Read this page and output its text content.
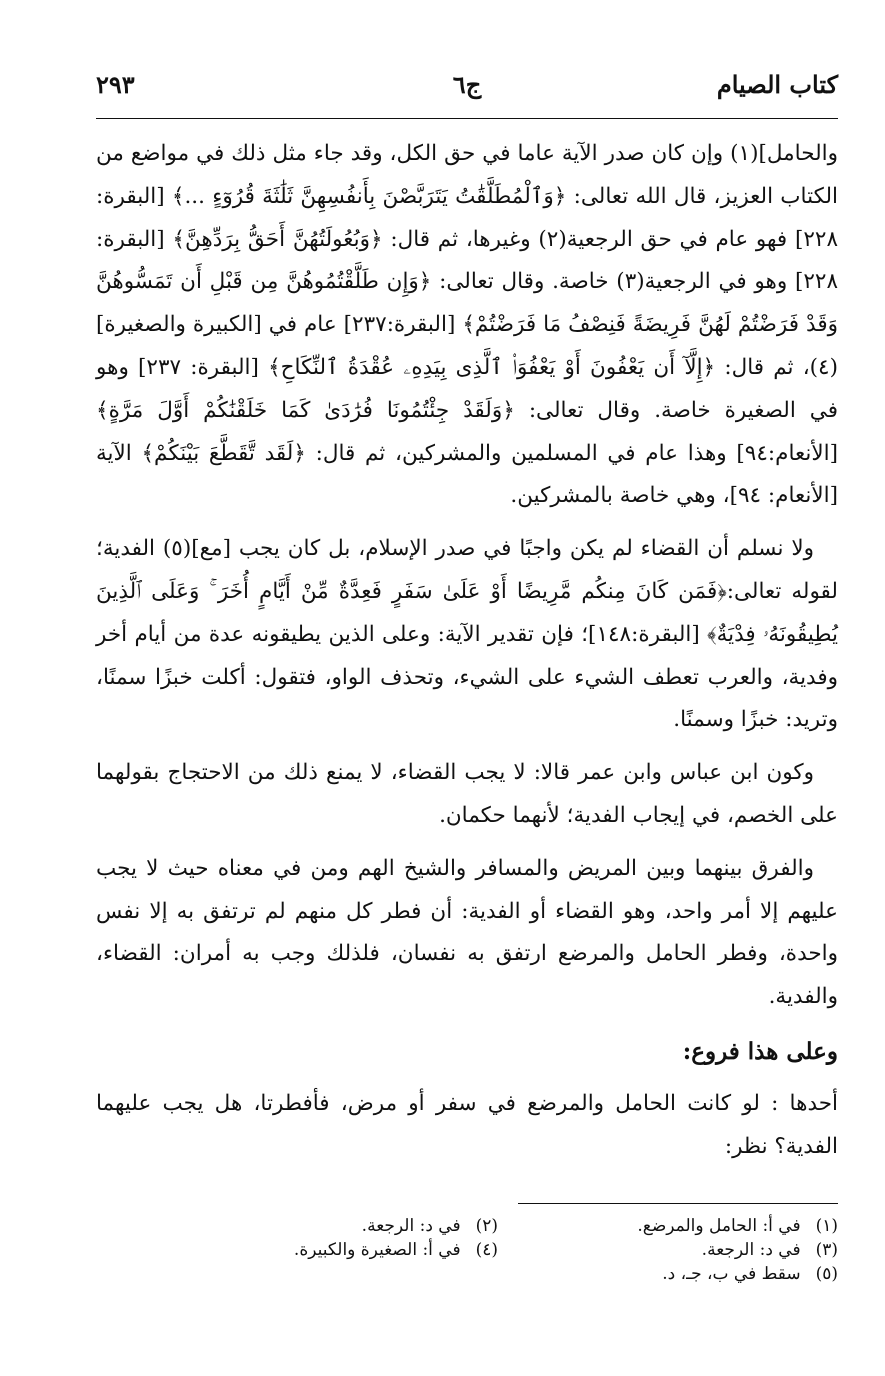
كتاب الصيام
ج٦
٢٩٣

والحامل](١) وإن كان صدر الآية عاما في حق الكل، وقد جاء مثل ذلك في مواضع من الكتاب العزيز، قال الله تعالى: ﴿وَٱلْمُطَلَّقَٰتُ يَتَرَبَّصْنَ بِأَنفُسِهِنَّ ثَلَٰثَةَ قُرُوٓءٍ ...﴾ [البقرة: ٢٢٨] فهو عام في حق الرجعية(٢) وغيرها، ثم قال: ﴿وَبُعُولَتُهُنَّ أَحَقُّ بِرَدِّهِنَّ﴾ [البقرة: ٢٢٨] وهو في الرجعية(٣) خاصة. وقال تعالى: ﴿وَإِن طَلَّقْتُمُوهُنَّ مِن قَبْلِ أَن تَمَسُّوهُنَّ وَقَدْ فَرَضْتُمْ لَهُنَّ فَرِيضَةً فَنِصْفُ مَا فَرَضْتُمْ﴾ [البقرة:٢٣٧] عام في [الكبيرة والصغيرة](٤)، ثم قال: ﴿إِلَّآ أَن يَعْفُونَ أَوْ يَعْفُوَا۟ ٱلَّذِى بِيَدِهِۦ عُقْدَةُ ٱلنِّكَاحِ﴾ [البقرة: ٢٣٧] وهو في الصغيرة خاصة. وقال تعالى: ﴿وَلَقَدْ جِئْتُمُونَا فُرَٰدَىٰ كَمَا خَلَقْنَٰكُمْ أَوَّلَ مَرَّةٍ﴾ [الأنعام:٩٤] وهذا عام في المسلمين والمشركين، ثم قال: ﴿لَقَد تَّقَطَّعَ بَيْنَكُمْ﴾ الآية [الأنعام: ٩٤]، وهي خاصة بالمشركين.

ولا نسلم أن القضاء لم يكن واجبًا في صدر الإسلام، بل كان يجب [مع](٥) الفدية؛ لقوله تعالى:﴿فَمَن كَانَ مِنكُم مَّرِيضًا أَوْ عَلَىٰ سَفَرٍ فَعِدَّةٌ مِّنْ أَيَّامٍ أُخَرَ ۚ وَعَلَى ٱلَّذِينَ يُطِيقُونَهُۥ فِدْيَةٌ﴾ [البقرة:١٤٨]؛ فإن تقدير الآية: وعلى الذين يطيقونه عدة من أيام أخر وفدية، والعرب تعطف الشيء على الشيء، وتحذف الواو، فتقول: أكلت خبزًا سمنًا، وتريد: خبزًا وسمنًا.

وكون ابن عباس وابن عمر قالا: لا يجب القضاء، لا يمنع ذلك من الاحتجاج بقولهما على الخصم، في إيجاب الفدية؛ لأنهما حكمان.

والفرق بينهما وبين المريض والمسافر والشيخ الهم ومن في معناه حيث لا يجب عليهم إلا أمر واحد، وهو القضاء أو الفدية: أن فطر كل منهم لم ترتفق به إلا نفس واحدة، وفطر الحامل والمرضع ارتفق به نفسان، فلذلك وجب به أمران: القضاء، والفدية.

وعلى هذا فروع:

أحدها : لو كانت الحامل والمرضع في سفر أو مرض، فأفطرتا، هل يجب عليهما الفدية؟ نظر:

(١) في أ: الحامل والمرضع.
(٢) في د: الرجعة.
(٣) في د: الرجعة.
(٤) في أ: الصغيرة والكبيرة.
(٥) سقط في ب، جـ، د.
